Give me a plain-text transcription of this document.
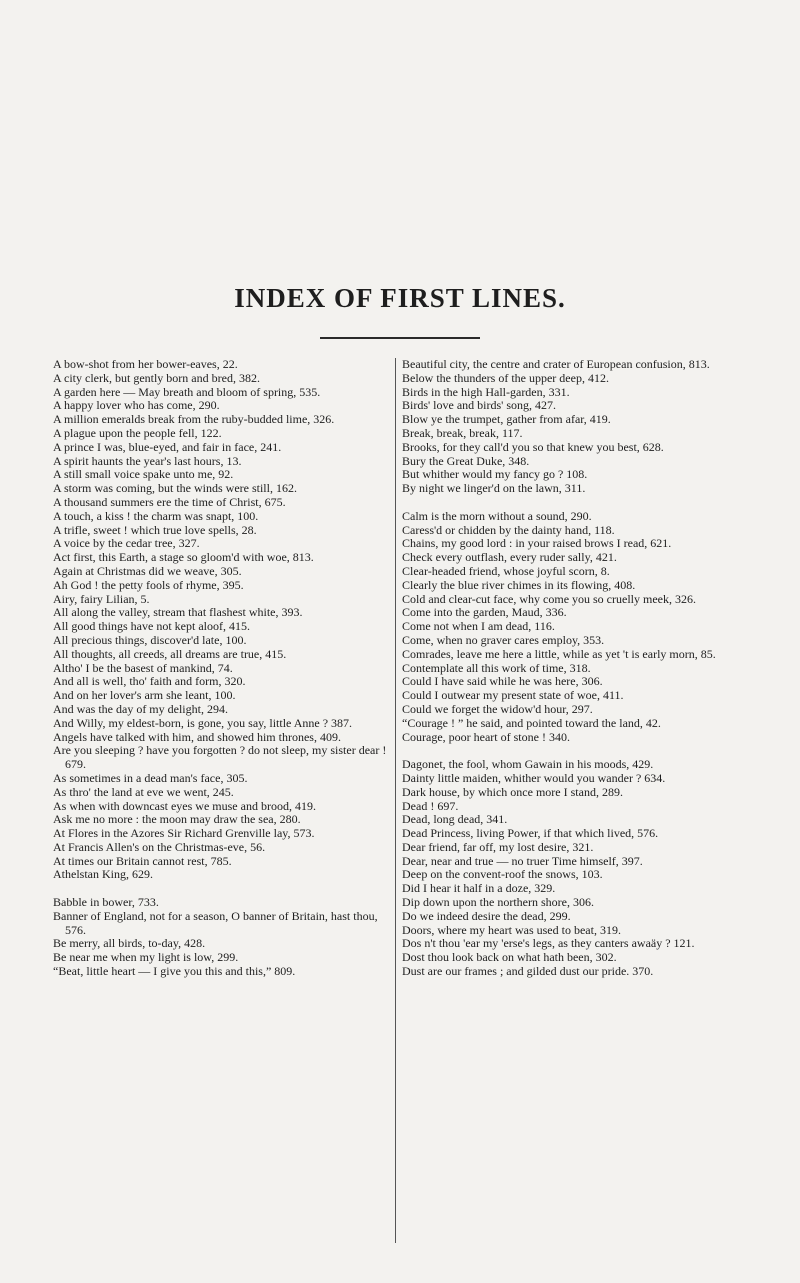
INDEX OF FIRST LINES.
A bow-shot from her bower-eaves, 22.
A city clerk, but gently born and bred, 382.
A garden here — May breath and bloom of spring, 535.
A happy lover who has come, 290.
A million emeralds break from the ruby-budded lime, 326.
A plague upon the people fell, 122.
A prince I was, blue-eyed, and fair in face, 241.
A spirit haunts the year's last hours, 13.
A still small voice spake unto me, 92.
A storm was coming, but the winds were still, 162.
A thousand summers ere the time of Christ, 675.
A touch, a kiss ! the charm was snapt, 100.
A trifle, sweet ! which true love spells, 28.
A voice by the cedar tree, 327.
Act first, this Earth, a stage so gloom'd with woe, 813.
Again at Christmas did we weave, 305.
Ah God ! the petty fools of rhyme, 395.
Airy, fairy Lilian, 5.
All along the valley, stream that flashest white, 393.
All good things have not kept aloof, 415.
All precious things, discover'd late, 100.
All thoughts, all creeds, all dreams are true, 415.
Altho' I be the basest of mankind, 74.
And all is well, tho' faith and form, 320.
And on her lover's arm she leant, 100.
And was the day of my delight, 294.
And Willy, my eldest-born, is gone, you say, little Anne ? 387.
Angels have talked with him, and showed him thrones, 409.
Are you sleeping ? have you forgotten ? do not sleep, my sister dear ! 679.
As sometimes in a dead man's face, 305.
As thro' the land at eve we went, 245.
As when with downcast eyes we muse and brood, 419.
Ask me no more : the moon may draw the sea, 280.
At Flores in the Azores Sir Richard Grenville lay, 573.
At Francis Allen's on the Christmas-eve, 56.
At times our Britain cannot rest, 785.
Athelstan King, 629.
Babble in bower, 733.
Banner of England, not for a season, O banner of Britain, hast thou, 576.
Be merry, all birds, to-day, 428.
Be near me when my light is low, 299.
“Beat, little heart — I give you this and this,” 809.
Beautiful city, the centre and crater of European confusion, 813.
Below the thunders of the upper deep, 412.
Birds in the high Hall-garden, 331.
Birds' love and birds' song, 427.
Blow ye the trumpet, gather from afar, 419.
Break, break, break, 117.
Brooks, for they call'd you so that knew you best, 628.
Bury the Great Duke, 348.
But whither would my fancy go ? 108.
By night we linger'd on the lawn, 311.
Calm is the morn without a sound, 290.
Caress'd or chidden by the dainty hand, 118.
Chains, my good lord : in your raised brows I read, 621.
Check every outflash, every ruder sally, 421.
Clear-headed friend, whose joyful scorn, 8.
Clearly the blue river chimes in its flowing, 408.
Cold and clear-cut face, why come you so cruelly meek, 326.
Come into the garden, Maud, 336.
Come not when I am dead, 116.
Come, when no graver cares employ, 353.
Comrades, leave me here a little, while as yet 't is early morn, 85.
Contemplate all this work of time, 318.
Could I have said while he was here, 306.
Could I outwear my present state of woe, 411.
Could we forget the widow'd hour, 297.
“Courage ! ” he said, and pointed toward the land, 42.
Courage, poor heart of stone ! 340.
Dagonet, the fool, whom Gawain in his moods, 429.
Dainty little maiden, whither would you wander ? 634.
Dark house, by which once more I stand, 289.
Dead ! 697.
Dead, long dead, 341.
Dead Princess, living Power, if that which lived, 576.
Dear friend, far off, my lost desire, 321.
Dear, near and true — no truer Time himself, 397.
Deep on the convent-roof the snows, 103.
Did I hear it half in a doze, 329.
Dip down upon the northern shore, 306.
Do we indeed desire the dead, 299.
Doors, where my heart was used to beat, 319.
Dos n't thou 'ear my 'erse's legs, as they canters awaäy ? 121.
Dost thou look back on what hath been, 302.
Dust are our frames ; and gilded dust our pride. 370.
